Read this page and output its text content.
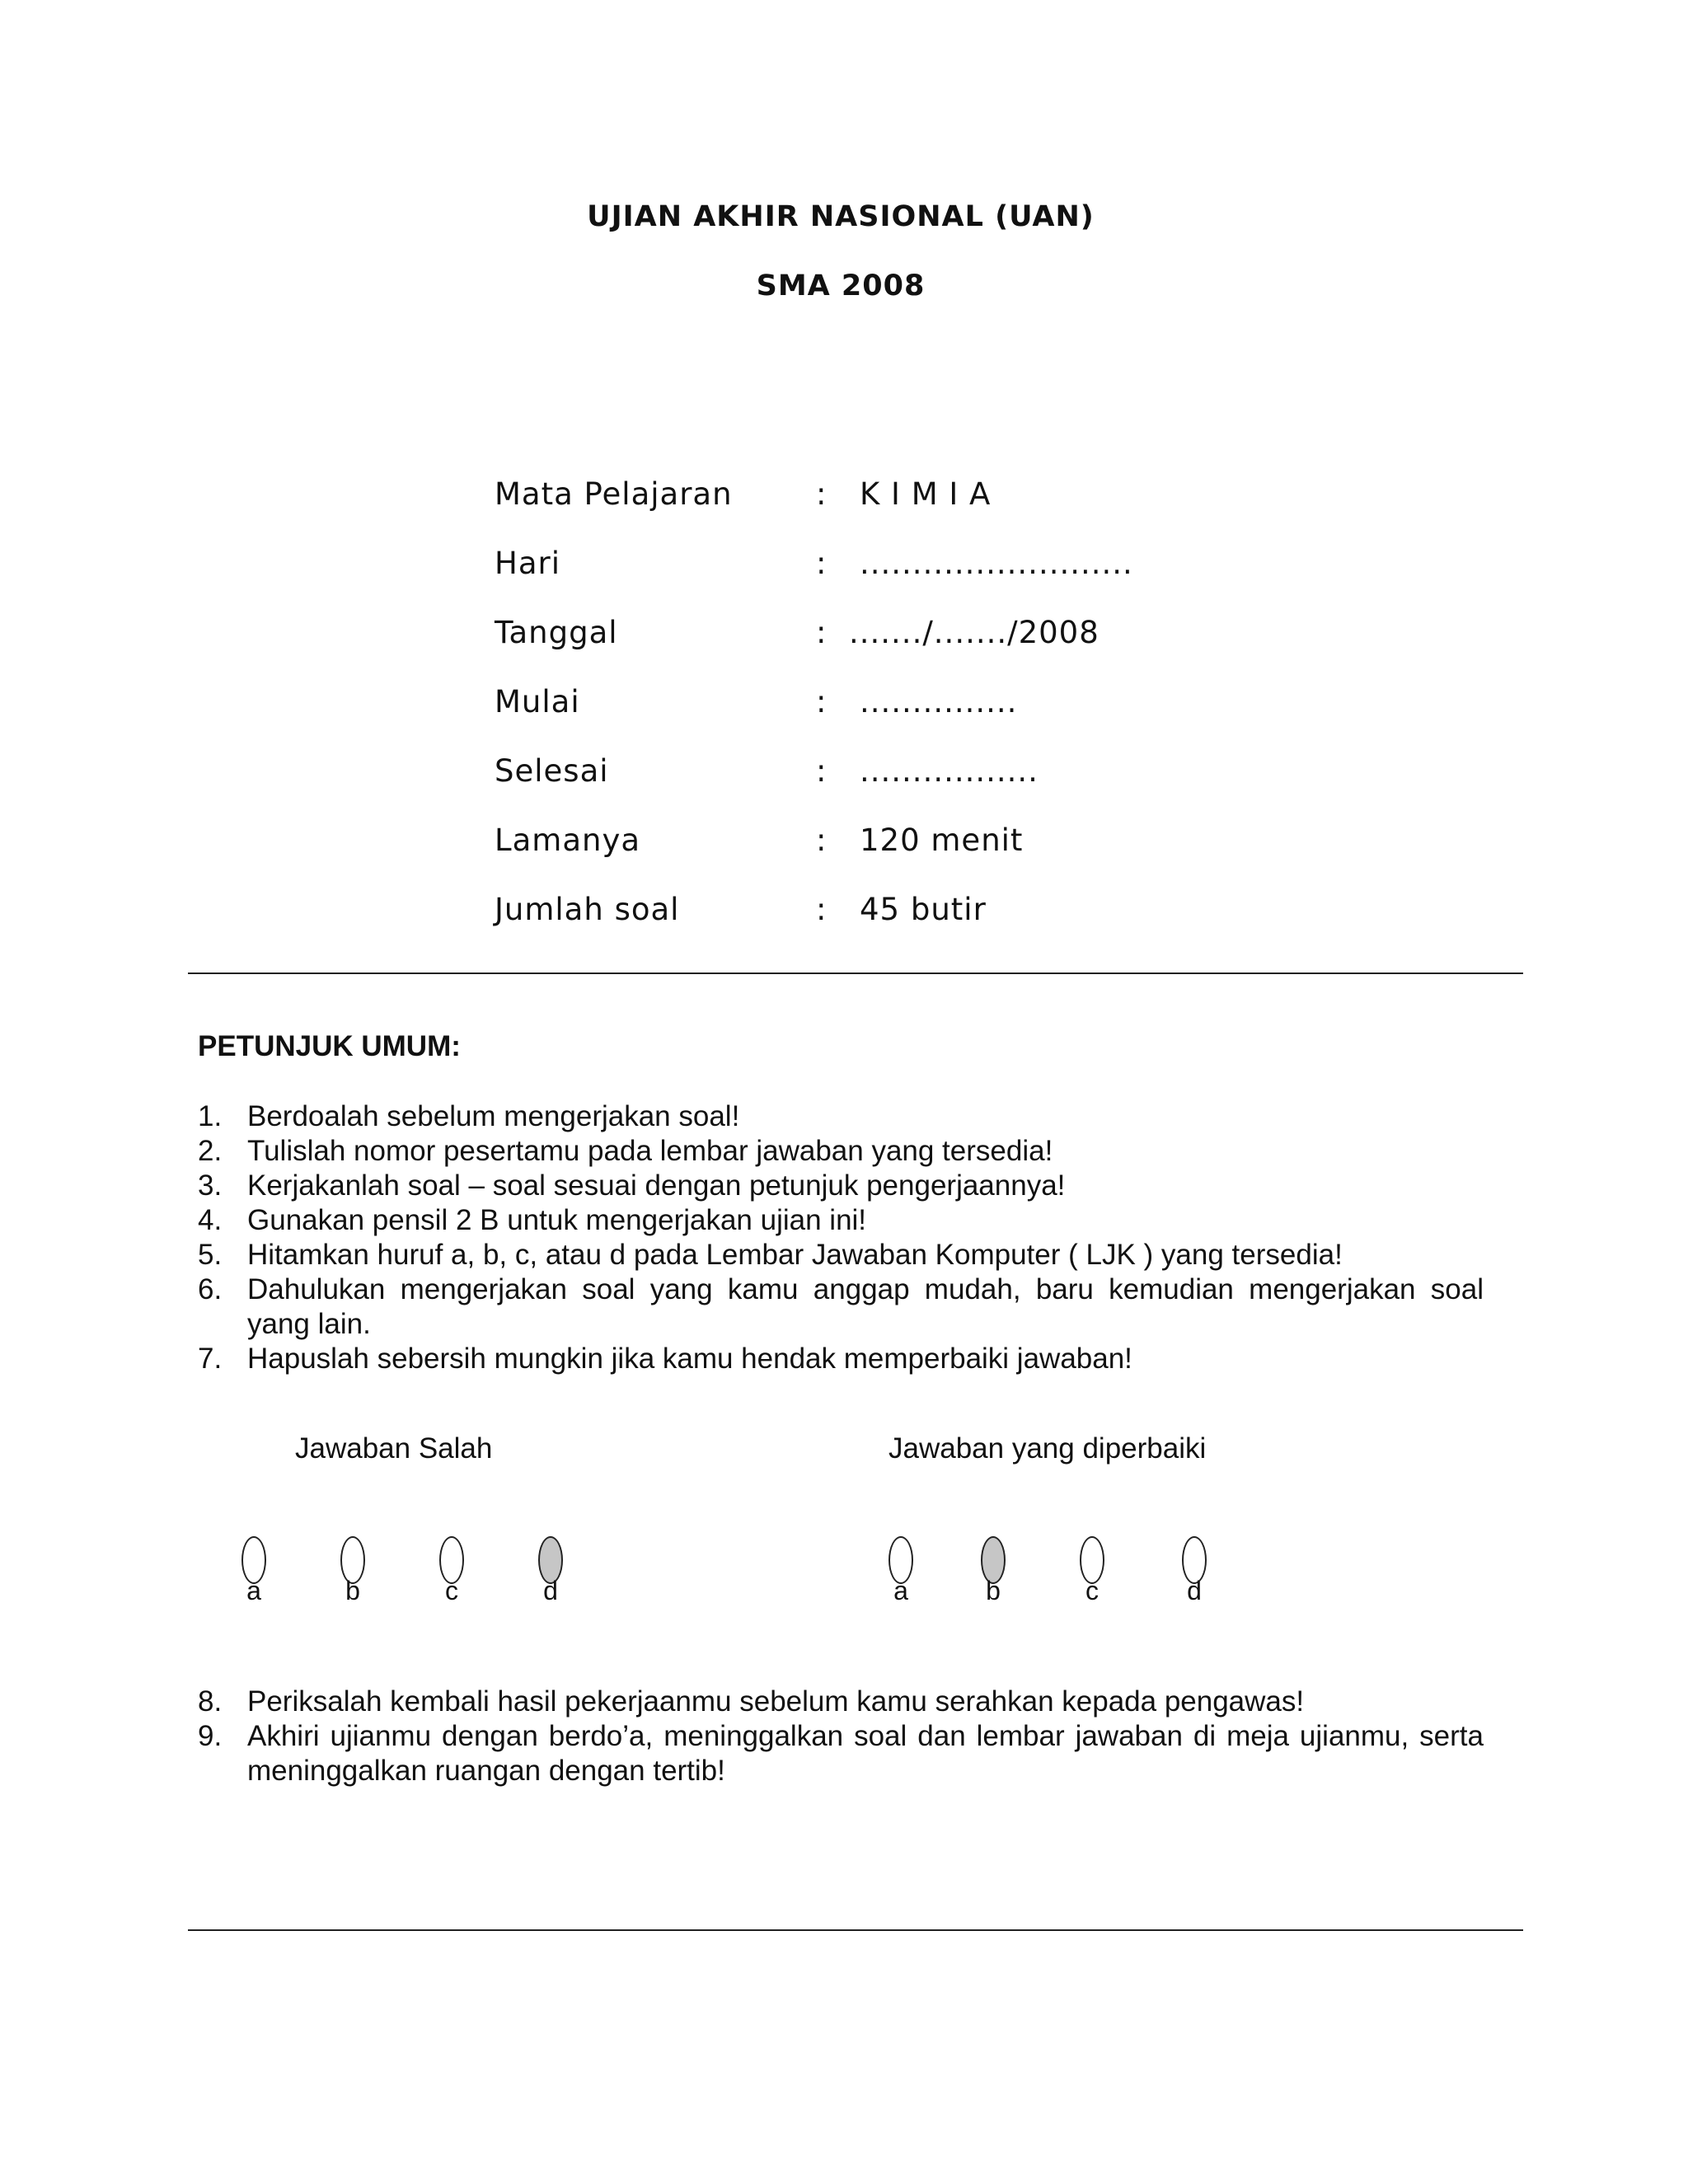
UJIAN AKHIR NASIONAL (UAN)
SMA 2008
Mata Pelajaran	: K I M I A
Hari	: ..........................
Tanggal	: ......./......./2008
Mulai	: ...............
Selesai	: .................
Lamanya	: 120 menit
Jumlah soal	: 45 butir
PETUNJUK UMUM:
1. Berdoalah sebelum mengerjakan soal!
2. Tulislah nomor pesertamu pada lembar jawaban yang tersedia!
3. Kerjakanlah soal – soal sesuai dengan petunjuk pengerjaannya!
4. Gunakan pensil 2 B untuk mengerjakan ujian ini!
5. Hitamkan huruf a, b, c, atau d pada Lembar Jawaban Komputer ( LJK ) yang tersedia!
6. Dahulukan mengerjakan soal yang kamu anggap mudah, baru kemudian mengerjakan soal yang lain.
7. Hapuslah sebersih mungkin jika kamu hendak memperbaiki jawaban!
Jawaban Salah
a	b	c	d
Jawaban yang diperbaiki
a	b	c	d
8. Periksalah kembali hasil pekerjaanmu sebelum kamu serahkan kepada pengawas!
9. Akhiri ujianmu dengan berdo’a, meninggalkan soal dan lembar jawaban di meja ujianmu, serta meninggalkan ruangan dengan tertib!
